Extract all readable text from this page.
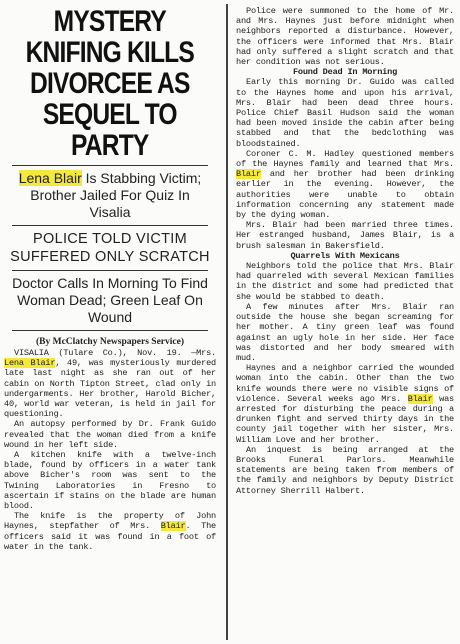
MYSTERY KNIFING KILLS DIVORCEE AS SEQUEL TO PARTY
Lena Blair Is Stabbing Victim; Brother Jailed For Quiz In Visalia
POLICE TOLD VICTIM SUFFERED ONLY SCRATCH
Doctor Calls In Morning To Find Woman Dead; Green Leaf On Wound
(By McClatchy Newspapers Service)

VISALIA (Tulare Co.), Nov. 19. —Mrs. Lena Blair, 49, was mysteriously murdered late last night as she ran out of her cabin on North Tipton Street, clad only in undergarments. Her brother, Harold Bicher, 40, world war veteran, is held in jail for questioning.

An autopsy performed by Dr. Frank Guido revealed that the woman died from a knife wound in her left side.

A kitchen knife with a twelve-inch blade, found by officers in a water tank above Bicher's room was sent to the Twining Laboratories in Fresno to ascertain if stains on the blade are human blood.

The knife is the property of John Haynes, stepfather of Mrs. Blair. The officers said it was found in a foot of water in the tank.

Police were summoned to the home of Mr. and Mrs. Haynes just before midnight when neighbors reported a disturbance. However, the officers were informed that Mrs. Blair had only suffered a slight scratch and that her condition was not serious.

Found Dead In Morning

Early this morning Dr. Guido was called to the Haynes home and upon his arrival, Mrs. Blair had been dead three hours. Police Chief Basil Hudson said the woman had been moved inside the cabin after being stabbed and that the bedclothing was bloodstained.

Coroner C. M. Hadley questioned members of the Haynes family and learned that Mrs. Blair and her brother had been drinking earlier in the evening. However, the authorities were unable to obtain information concerning any statement made by the dying woman.

Mrs. Blair had been married three times. Her estranged husband, James Blair, is a brush salesman in Bakersfield.

Quarrels With Mexicans

Neighbors told the police that Mrs. Blair had quarreled with several Mexican families in the district and some had predicted that she would be stabbed to death.

A few minutes after Mrs. Blair ran outside the house she began screaming for her mother. A tiny green leaf was found against an ugly hole in her side. Her face was distorted and her body smeared with mud.

Haynes and a neighbor carried the wounded woman into the cabin. Other than the two knife wounds there were no visible signs of violence. Several weeks ago Mrs. Blair was arrested for disturbing the peace during a drunken fight and served thirty days in the county jail together with her sister, Mrs. William Love and her brother.

An inquest is being arranged at the Brooks Funeral Parlors. Meanwhile statements are being taken from members of the family and neighbors by Deputy District Attorney Sherrill Halbert.
